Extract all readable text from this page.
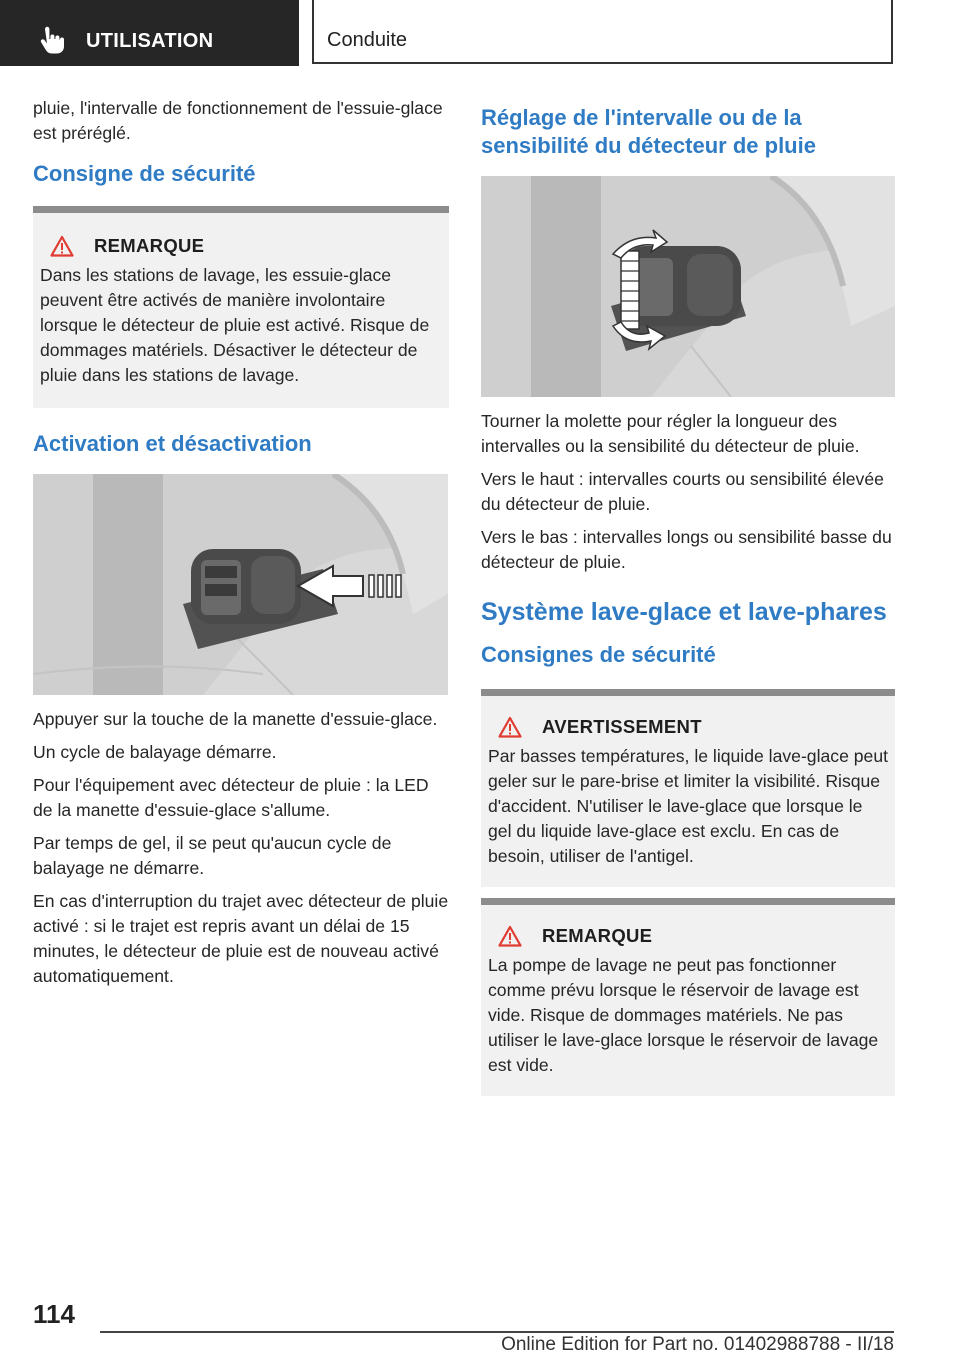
UTILISATION	Conduite

pluie, l'intervalle de fonctionnement de l'essuie-glace est préréglé.

Consigne de sécurité
REMARQUE

Dans les stations de lavage, les essuie-glace peuvent être activés de manière involontaire lorsque le détecteur de pluie est activé. Risque de dommages matériels. Désactiver le détecteur de pluie dans les stations de lavage.

Activation et désactivation

Appuyer sur la touche de la manette d'essuie-glace.

Un cycle de balayage démarre.

Pour l'équipement avec détecteur de pluie : la LED de la manette d'essuie-glace s'allume.

Par temps de gel, il se peut qu'aucun cycle de balayage ne démarre.

En cas d'interruption du trajet avec détecteur de pluie activé : si le trajet est repris avant un délai de 15 minutes, le détecteur de pluie est de nouveau activé automatiquement.

Réglage de l'intervalle ou de la sensibilité du détecteur de pluie

Tourner la molette pour régler la longueur des intervalles ou la sensibilité du détecteur de pluie.

Vers le haut : intervalles courts ou sensibilité élevée du détecteur de pluie.

Vers le bas : intervalles longs ou sensibilité basse du détecteur de pluie.

Système lave-glace et lave-phares
Consignes de sécurité
AVERTISSEMENT

Par basses températures, le liquide lave-glace peut geler sur le pare-brise et limiter la visibilité. Risque d'accident. N'utiliser le lave-glace que lorsque le gel du liquide lave-glace est exclu. En cas de besoin, utiliser de l'antigel.

REMARQUE

La pompe de lavage ne peut pas fonctionner comme prévu lorsque le réservoir de lavage est vide. Risque de dommages matériels. Ne pas utiliser le lave-glace lorsque le réservoir de lavage est vide.

114
Online Edition for Part no. 01402988788 - II/18
